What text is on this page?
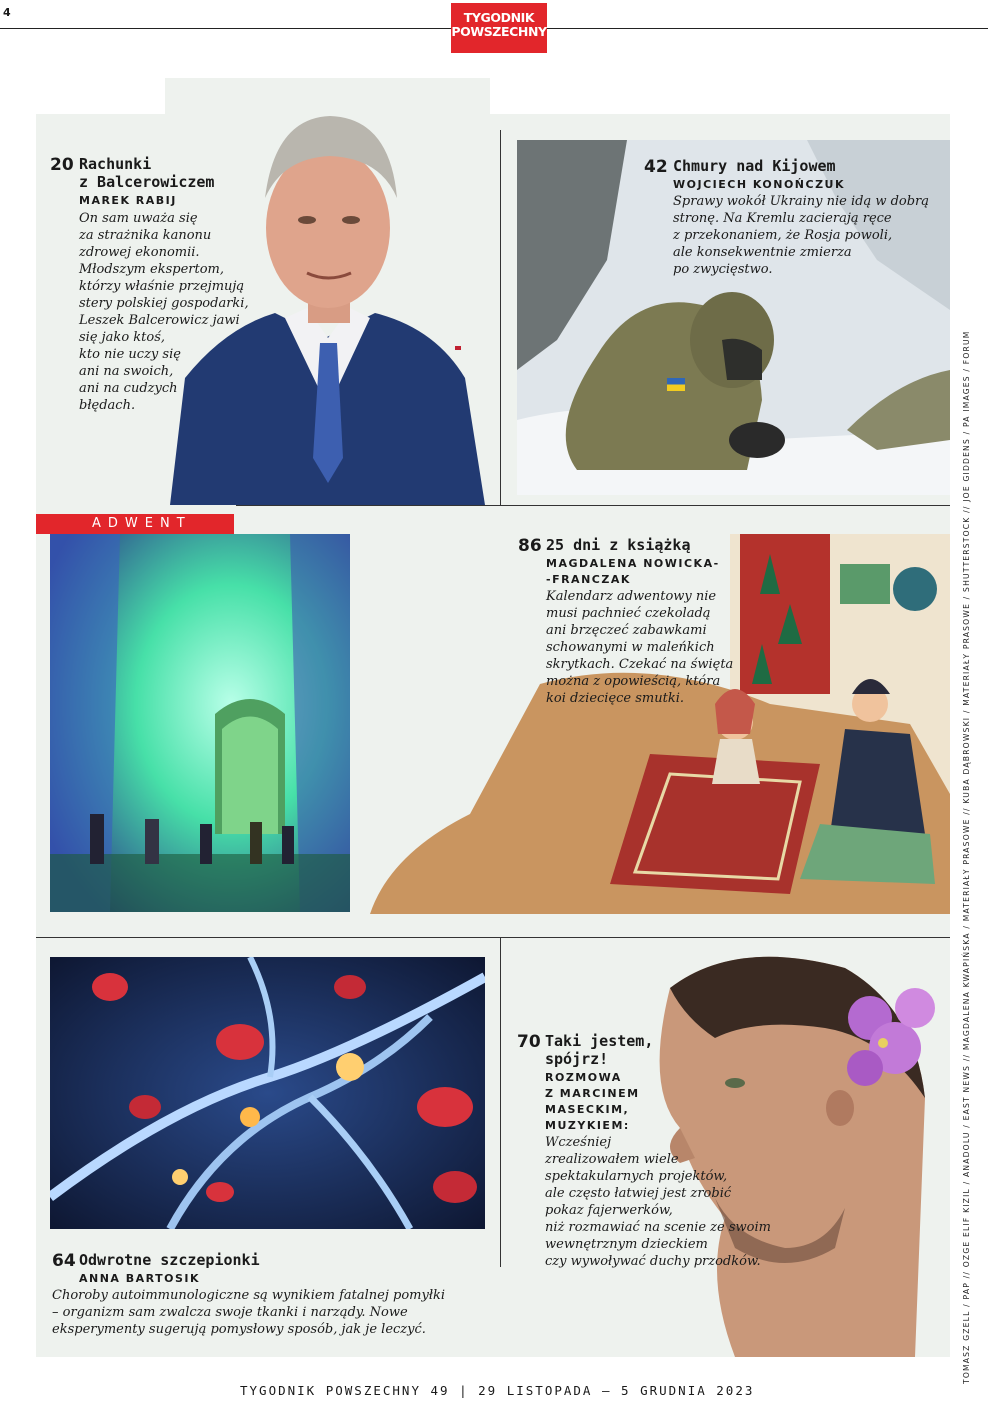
4	TYGODNIK
POWSZECHNY
20 Rachunki
z Balcerowiczem
MAREK RABIJ
On sam uważa się
za strażnika kanonu
zdrowej ekonomii.
Młodszym ekspertom,
którzy właśnie przejmują
stery polskiej gospodarki,
Leszek Balcerowicz jawi
się jako ktoś,
kto nie uczy się
ani na swoich,
ani na cudzych
błędach.
42 Chmury nad Kijowem
WOJCIECH KONOŃCZUK
Sprawy wokół Ukrainy nie idą w dobrą
stronę. Na Kremlu zacierają ręce
z przekonaniem, że Rosja powoli,
ale konsekwentnie zmierza
po zwycięstwo.
ADWENT
86 25 dni z książką
MAGDALENA NOWICKA-
-FRANCZAK
Kalendarz adwentowy nie
musi pachnieć czekoladą
ani brzęczeć zabawkami
schowanymi w maleńkich
skrytkach. Czekać na święta
można z opowieścią, która
koi dziecięce smutki.
64 Odwrotne szczepionki
ANNA BARTOSIK
Choroby autoimmunologiczne są wynikiem fatalnej pomyłki
– organizm sam zwalcza swoje tkanki i narządy. Nowe
eksperymenty sugerują pomysłowy sposób, jak je leczyć.
70 Taki jestem,
spójrz!
ROZMOWA
Z MARCINEM
MASECKIM,
MUZYKIEM:
Wcześniej
zrealizowałem wiele
spektakularnych projektów,
ale często łatwiej jest zrobić
pokaz fajerwerków,
niż rozmawiać na scenie ze swoim
wewnętrznym dzieckiem
czy wywoływać duchy przodków.	TOMASZ GZELL / PAP // OZGE ELIF KIZIL / ANADOLU / EAST NEWS // MAGDALENA KWAPIŃSKA / MATERIAŁY PRASOWE // KUBA DĄBROWSKI / MATERIAŁY PRASOWE / SHUTTERSTOCK // JOE GIDDENS / PA IMAGES / FORUM
TYGODNIK POWSZECHNY 49 | 29 LISTOPADA – 5 GRUDNIA 2023
